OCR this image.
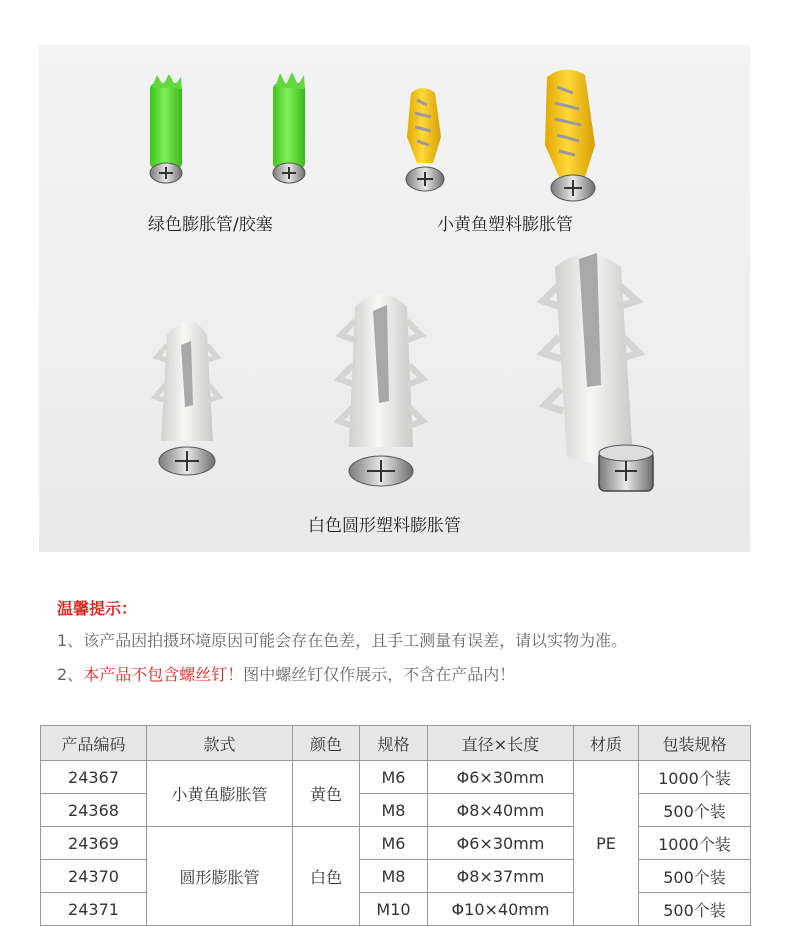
绿色膨胀管/胶塞	小黄鱼塑料膨胀管
白色圆形塑料膨胀管
温馨提示：
1、该产品因拍摄环境原因可能会存在色差，且手工测量有误差，请以实物为准。
2、本产品不包含螺丝钉！图中螺丝钉仅作展示，不含在产品内！
产品编码	款式	颜色	规格	直径×长度	材质	包装规格
24367	小黄鱼膨胀管	黄色	M6	Φ6×30mm	PE	1000个装
24368			M8	Φ8×40mm		500个装
24369	圆形膨胀管	白色	M6	Φ6×30mm		1000个装
24370			M8	Φ8×37mm		500个装
24371			M10	Φ10×40mm		500个装
